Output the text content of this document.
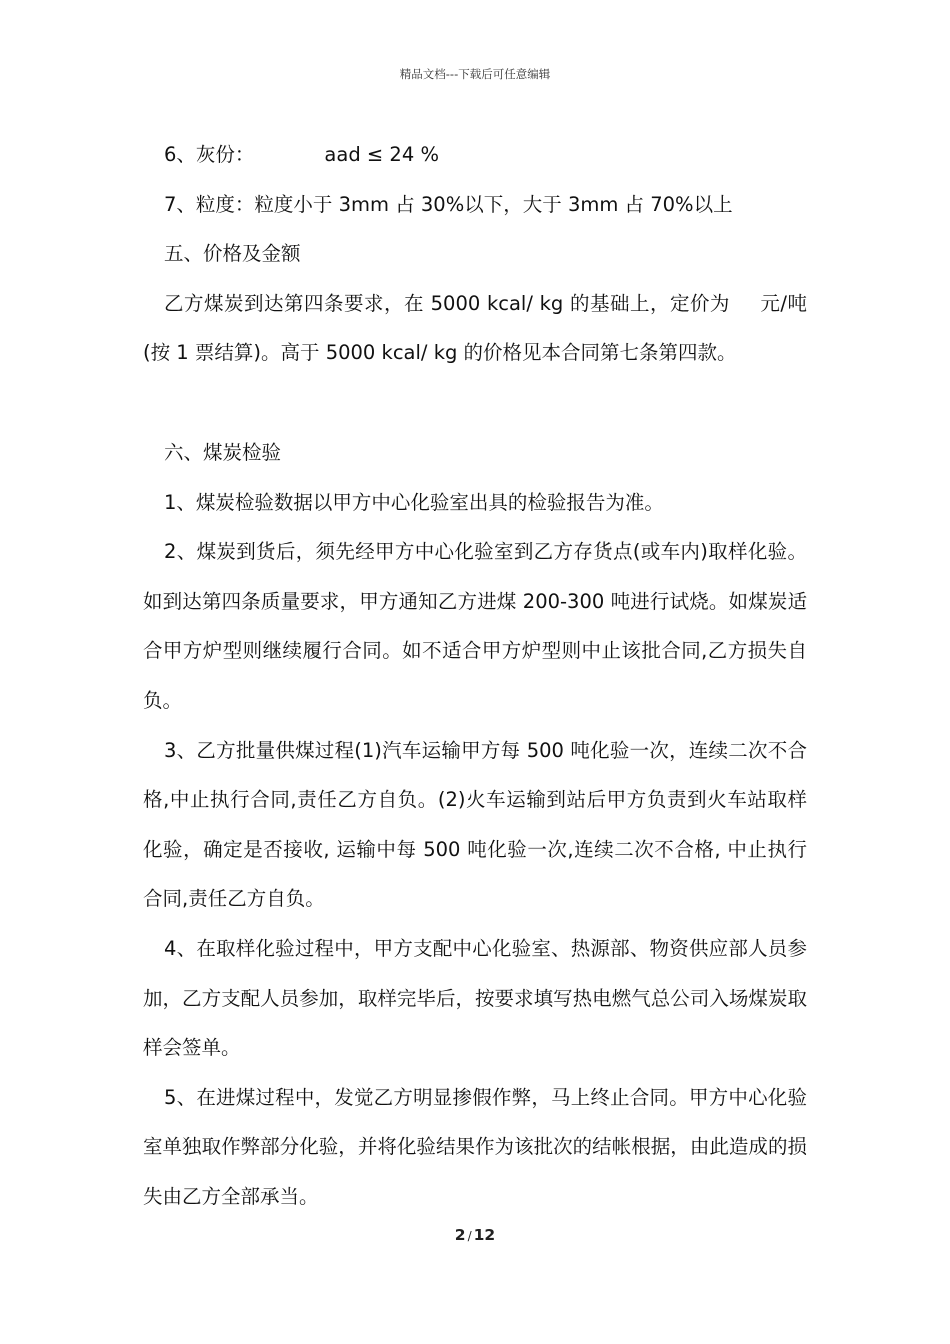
精品文档---下载后可任意编辑

6、灰份：	aad ≤ 24 %

7、粒度：粒度小于 3mm 占 30%以下，大于 3mm 占 70%以上

五、价格及金额

乙方煤炭到达第四条要求，在 5000 kcal/ kg 的基础上，定价为 元/吨(按 1 票结算)。高于 5000 kcal/ kg 的价格见本合同第七条第四款。

六、煤炭检验

1、煤炭检验数据以甲方中心化验室出具的检验报告为准。

2、煤炭到货后，须先经甲方中心化验室到乙方存货点(或车内)取样化验。如到达第四条质量要求，甲方通知乙方进煤 200-300 吨进行试烧。如煤炭适合甲方炉型则继续履行合同。如不适合甲方炉型则中止该批合同,乙方损失自负。

3、乙方批量供煤过程(1)汽车运输甲方每 500 吨化验一次，连续二次不合格,中止执行合同,责任乙方自负。(2)火车运输到站后甲方负责到火车站取样化验，确定是否接收, 运输中每 500 吨化验一次,连续二次不合格, 中止执行合同,责任乙方自负。

4、在取样化验过程中，甲方支配中心化验室、热源部、物资供应部人员参加，乙方支配人员参加，取样完毕后，按要求填写热电燃气总公司入场煤炭取样会签单。

5、在进煤过程中，发觉乙方明显掺假作弊，马上终止合同。甲方中心化验室单独取作弊部分化验，并将化验结果作为该批次的结帐根据，由此造成的损失由乙方全部承当。

2 / 12
